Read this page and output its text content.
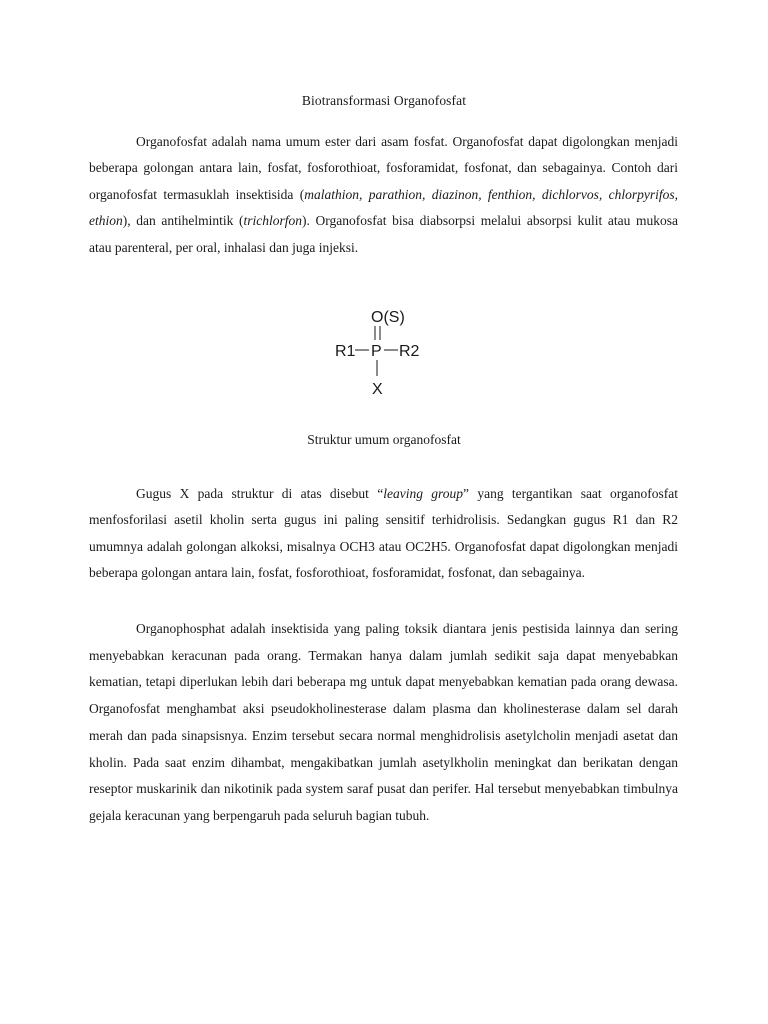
Biotransformasi Organofosfat

Organofosfat adalah nama umum ester dari asam fosfat. Organofosfat dapat digolongkan menjadi beberapa golongan antara lain, fosfat, fosforothioat, fosforamidat, fosfonat, dan sebagainya. Contoh dari organofosfat termasuklah insektisida (malathion, parathion, diazinon, fenthion, dichlorvos, chlorpyrifos, ethion), dan antihelmintik (trichlorfon). Organofosfat bisa diabsorpsi melalui absorpsi kulit atau mukosa atau parenteral, per oral, inhalasi dan juga injeksi.

O(S)
R1 P R2
X
Struktur umum organofosfat

Gugus X pada struktur di atas disebut “leaving group” yang tergantikan saat organofosfat menfosforilasi asetil kholin serta gugus ini paling sensitif terhidrolisis. Sedangkan gugus R1 dan R2 umumnya adalah golongan alkoksi, misalnya OCH3 atau OC2H5. Organofosfat dapat digolongkan menjadi beberapa golongan antara lain, fosfat, fosforothioat, fosforamidat, fosfonat, dan sebagainya.

Organophosphat adalah insektisida yang paling toksik diantara jenis pestisida lainnya dan sering menyebabkan keracunan pada orang. Termakan hanya dalam jumlah sedikit saja dapat menyebabkan kematian, tetapi diperlukan lebih dari beberapa mg untuk dapat menyebabkan kematian pada orang dewasa. Organofosfat menghambat aksi pseudokholinesterase dalam plasma dan kholinesterase dalam sel darah merah dan pada sinapsisnya. Enzim tersebut secara normal menghidrolisis asetylcholin menjadi asetat dan kholin. Pada saat enzim dihambat, mengakibatkan jumlah asetylkholin meningkat dan berikatan dengan reseptor muskarinik dan nikotinik pada system saraf pusat dan perifer. Hal tersebut menyebabkan timbulnya gejala keracunan yang berpengaruh pada seluruh bagian tubuh.
